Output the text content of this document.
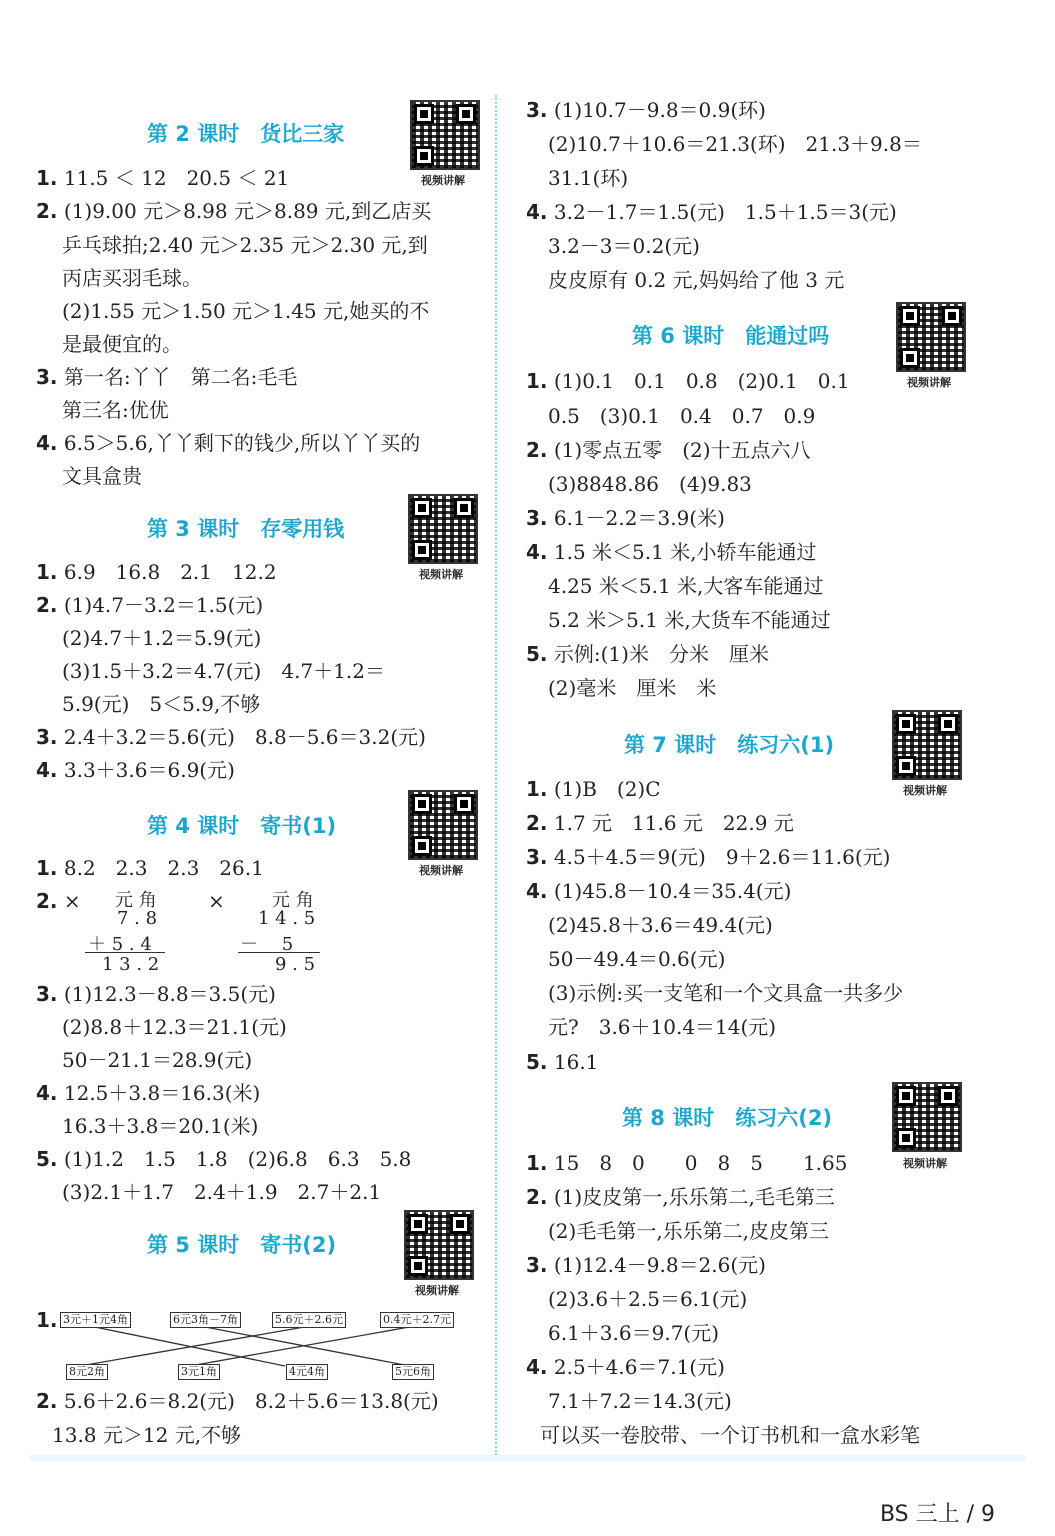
第 2 课时　货比三家
视频讲解
1. 11.5 ＜ 12　20.5 ＜ 21
2. (1)9.00 元＞8.98 元＞8.89 元,到乙店买
乒乓球拍;2.40 元＞2.35 元＞2.30 元,到
丙店买羽毛球。
(2)1.55 元＞1.50 元＞1.45 元,她买的不
是最便宜的。
3. 第一名:丫丫　第二名:毛毛
第三名:优优
4. 6.5＞5.6,丫丫剩下的钱少,所以丫丫买的
文具盒贵
第 3 课时　存零用钱
视频讲解
1. 6.9　16.8　2.1　12.2
2. (1)4.7－3.2＝1.5(元)
(2)4.7＋1.2＝5.9(元)
(3)1.5＋3.2＝4.7(元)　4.7＋1.2＝
5.9(元)　5＜5.9,不够
3. 2.4＋3.2＝5.6(元)　8.8－5.6＝3.2(元)
4. 3.3＋3.6＝6.9(元)
第 4 课时　寄书(1)
视频讲解
1. 8.2　2.3　2.3　26.1
2. × 元 角
7 . 8
＋ 5 . 4
1 3 . 2
×	元 角
1 4 . 5
－　 5
9 . 5
3. (1)12.3－8.8＝3.5(元)
(2)8.8＋12.3＝21.1(元)
50－21.1＝28.9(元)
4. 12.5＋3.8＝16.3(米)
16.3＋3.8＝20.1(米)
5. (1)1.2　1.5　1.8　(2)6.8　6.3　5.8
(3)2.1＋1.7　2.4＋1.9　2.7＋2.1
第 5 课时　寄书(2)
视频讲解
1. 3元＋1元4角	6元3角－7角	5.6元＋2.6元	0.4元＋2.7元
8元2角	3元1角	4元4角	5元6角
2. 5.6＋2.6＝8.2(元)　8.2＋5.6＝13.8(元)
13.8 元＞12 元,不够
3. (1)10.7－9.8＝0.9(环)
(2)10.7＋10.6＝21.3(环)　21.3＋9.8＝
31.1(环)
4. 3.2－1.7＝1.5(元)　1.5＋1.5＝3(元)
3.2－3＝0.2(元)
皮皮原有 0.2 元,妈妈给了他 3 元
第 6 课时　能通过吗
视频讲解
1. (1)0.1　0.1　0.8　(2)0.1　0.1
0.5　(3)0.1　0.4　0.7　0.9
2. (1)零点五零　(2)十五点六八
(3)8848.86　(4)9.83
3. 6.1－2.2＝3.9(米)
4. 1.5 米＜5.1 米,小轿车能通过
4.25 米＜5.1 米,大客车能通过
5.2 米＞5.1 米,大货车不能通过
5. 示例:(1)米　分米　厘米
(2)毫米　厘米　米
第 7 课时　练习六(1)
视频讲解
1. (1)B　(2)C
2. 1.7 元　11.6 元　22.9 元
3. 4.5＋4.5＝9(元)　9＋2.6＝11.6(元)
4. (1)45.8－10.4＝35.4(元)
(2)45.8＋3.6＝49.4(元)
50－49.4＝0.6(元)
(3)示例:买一支笔和一个文具盒一共多少
元?　3.6＋10.4＝14(元)
5. 16.1
第 8 课时　练习六(2)
视频讲解
1. 15　8　0　　0　8　5　　1.65
2. (1)皮皮第一,乐乐第二,毛毛第三
(2)毛毛第一,乐乐第二,皮皮第三
3. (1)12.4－9.8＝2.6(元)
(2)3.6＋2.5＝6.1(元)
6.1＋3.6＝9.7(元)
4. 2.5＋4.6＝7.1(元)
7.1＋7.2＝14.3(元)
可以买一卷胶带、一个订书机和一盒水彩笔
BS 三上 / 9
